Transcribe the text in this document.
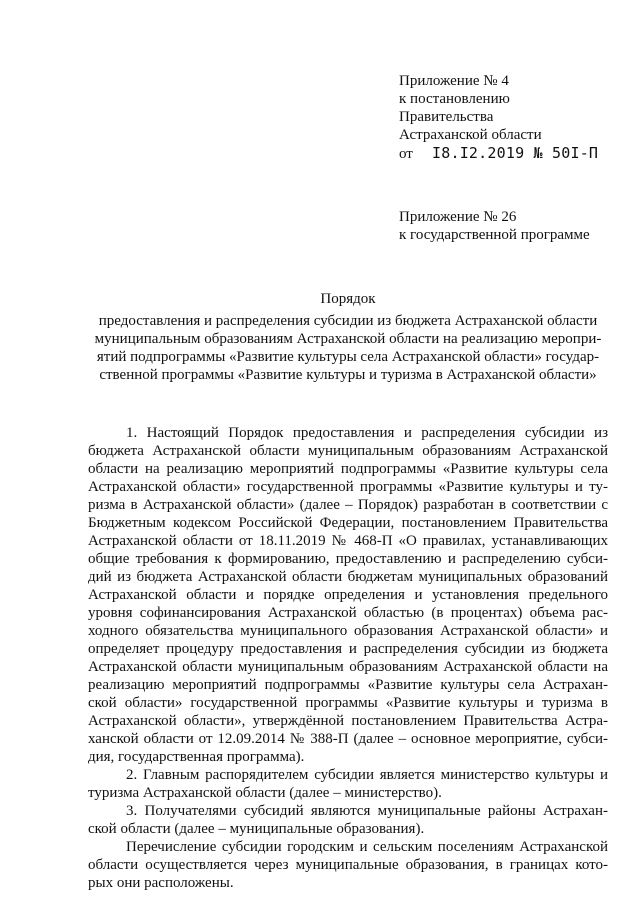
Приложение № 4
к постановлению
Правительства
Астраханской области
от	I8.I2.2019 № 50I-П
Приложение № 26
к государственной программе
Порядок
предоставления и распределения субсидии из бюджета Астраханской области
муниципальным образованиям Астраханской области на реализацию меропри-
ятий подпрограммы «Развитие культуры села Астраханской области» государ-
ственной программы «Развитие культуры и туризма в Астраханской области»
1. Настоящий Порядок предоставления и распределения субсидии из
бюджета Астраханской области муниципальным образованиям Астраханской
области на реализацию мероприятий подпрограммы «Развитие культуры села
Астраханской области» государственной программы «Развитие культуры и ту-
ризма в Астраханской области» (далее – Порядок) разработан в соответствии с
Бюджетным кодексом Российской Федерации, постановлением Правительства
Астраханской области от 18.11.2019 № 468-П «О правилах, устанавливающих
общие требования к формированию, предоставлению и распределению субси-
дий из бюджета Астраханской области бюджетам муниципальных образований
Астраханской области и порядке определения и установления предельного
уровня софинансирования Астраханской областью (в процентах) объема рас-
ходного обязательства муниципального образования Астраханской области» и
определяет процедуру предоставления и распределения субсидии из бюджета
Астраханской области муниципальным образованиям Астраханской области на
реализацию мероприятий подпрограммы «Развитие культуры села Астрахан-
ской области» государственной программы «Развитие культуры и туризма в
Астраханской области», утверждённой постановлением Правительства Астра-
ханской области от 12.09.2014 № 388-П (далее – основное мероприятие, субси-
дия, государственная программа).
2. Главным распорядителем субсидии является министерство культуры и
туризма Астраханской области (далее – министерство).
3. Получателями субсидий являются муниципальные районы Астрахан-
ской области (далее – муниципальные образования).
Перечисление субсидии городским и сельским поселениям Астраханской
области осуществляется через муниципальные образования, в границах кото-
рых они расположены.
